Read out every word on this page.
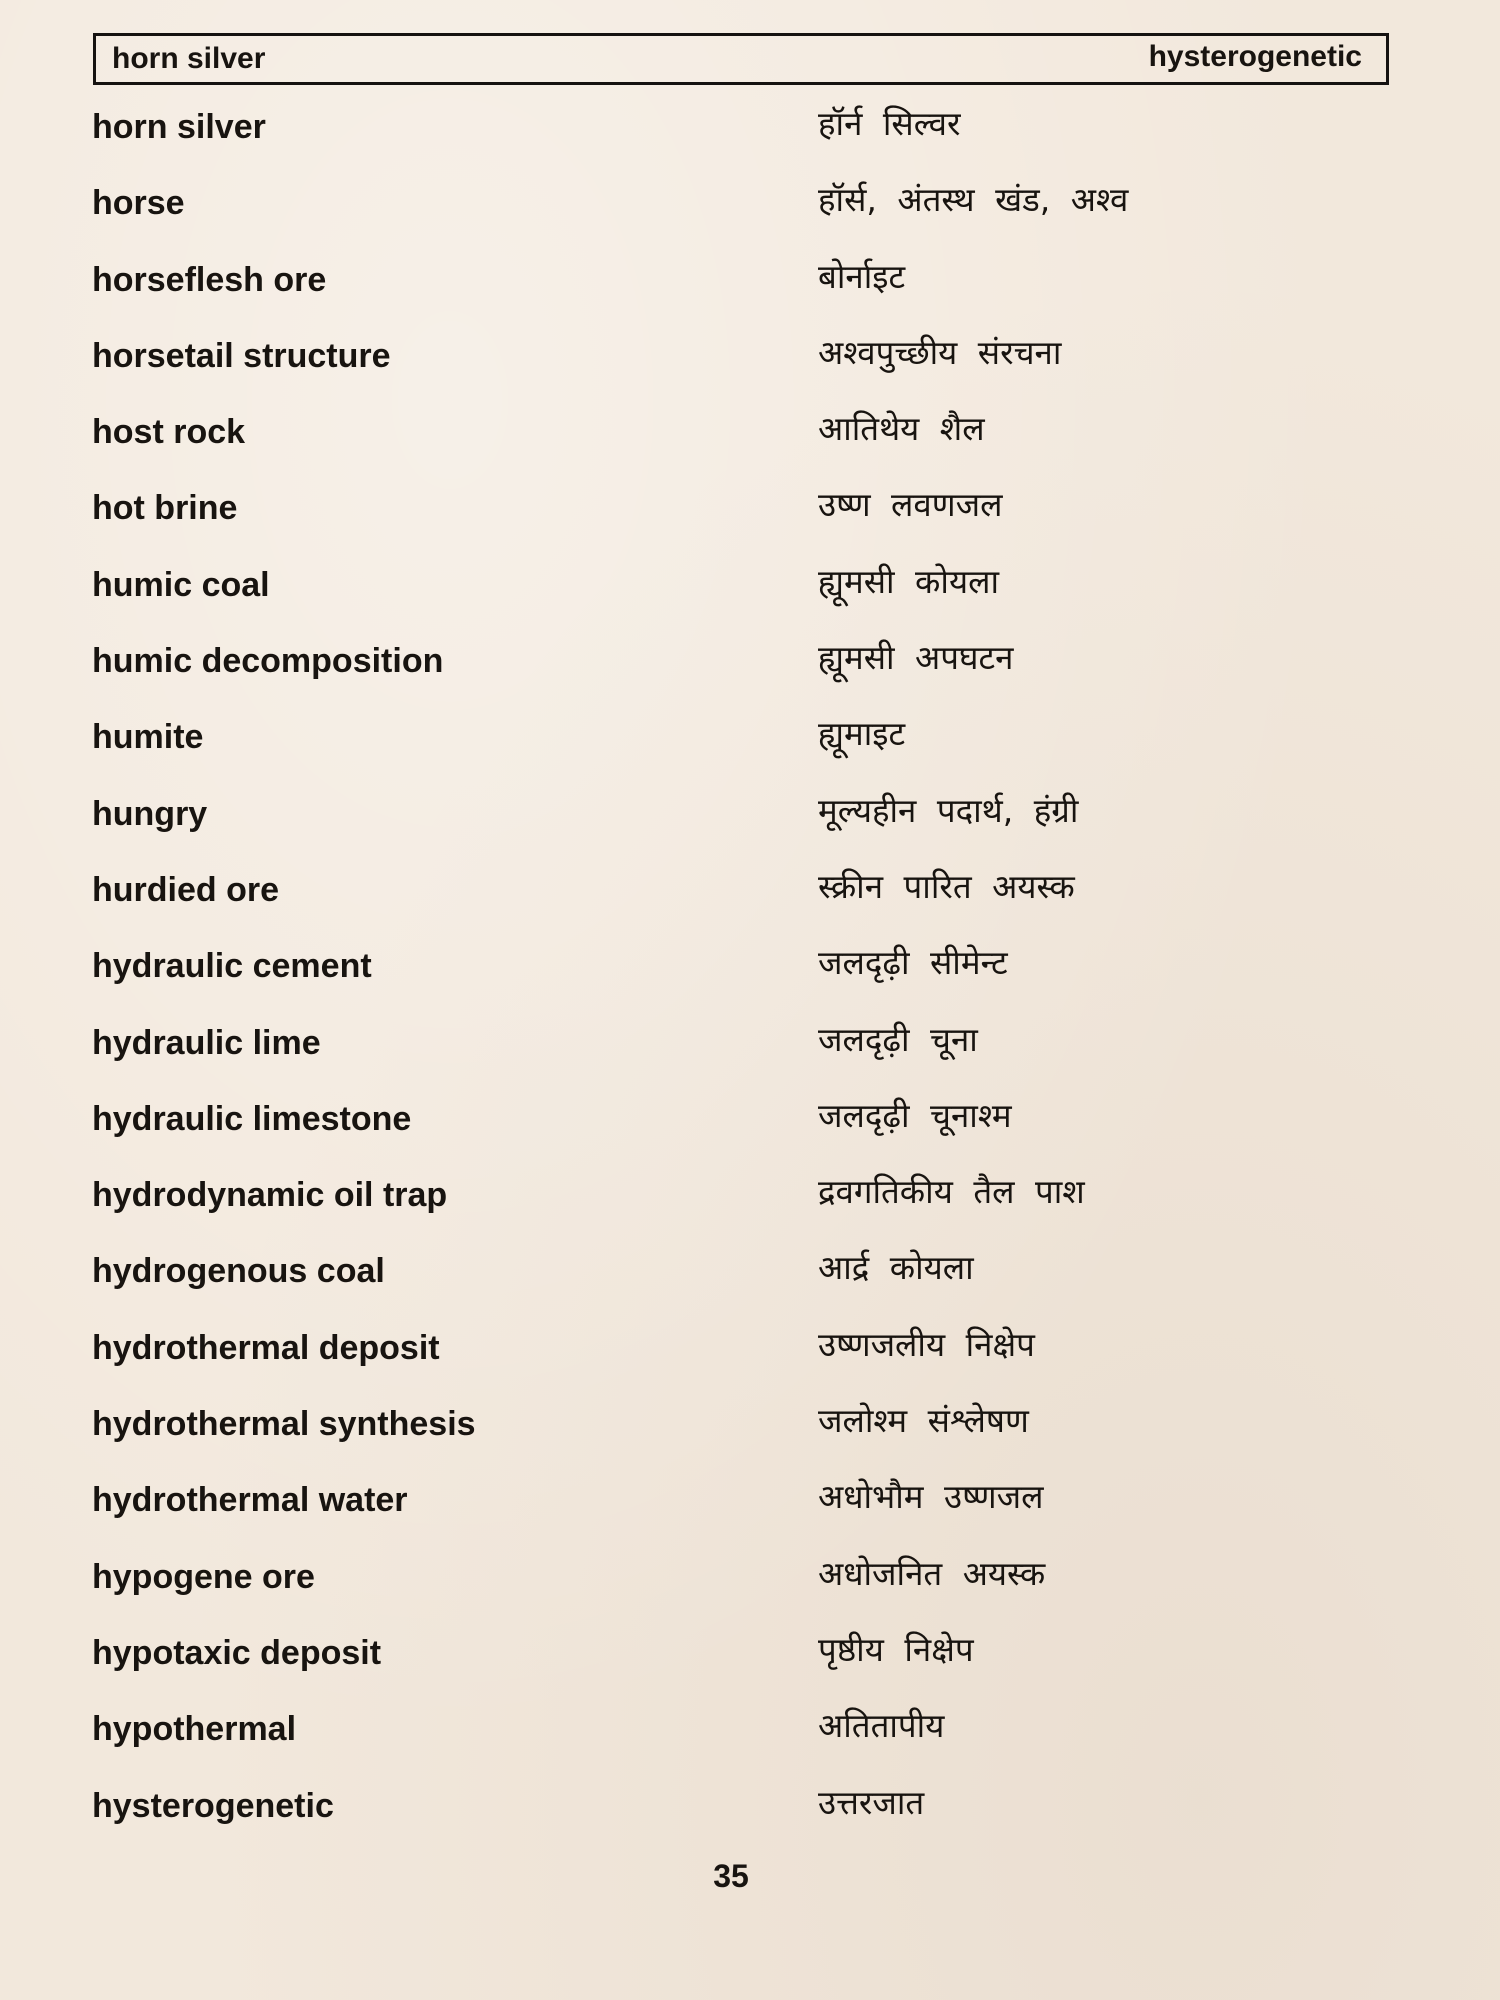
horn silver	hysterogenetic
horn silver	हॉर्न सिल्वर
horse	हॉर्स, अंतस्थ खंड, अश्व
horseflesh ore	बोर्नाइट
horsetail structure	अश्वपुच्छीय संरचना
host rock	आतिथेय शैल
hot brine	उष्ण लवणजल
humic coal	ह्यूमसी कोयला
humic decomposition	ह्यूमसी अपघटन
humite	ह्यूमाइट
hungry	मूल्यहीन पदार्थ, हंग्री
hurdied ore	स्क्रीन पारित अयस्क
hydraulic cement	जलदृढ़ी सीमेन्ट
hydraulic lime	जलदृढ़ी चूना
hydraulic limestone	जलदृढ़ी चूनाश्म
hydrodynamic oil trap	द्रवगतिकीय तैल पाश
hydrogenous coal	आर्द्र कोयला
hydrothermal deposit	उष्णजलीय निक्षेप
hydrothermal synthesis	जलोश्म संश्लेषण
hydrothermal water	अधोभौम उष्णजल
hypogene ore	अधोजनित अयस्क
hypotaxic deposit	पृष्ठीय निक्षेप
hypothermal	अतितापीय
hysterogenetic	उत्तरजात
35
